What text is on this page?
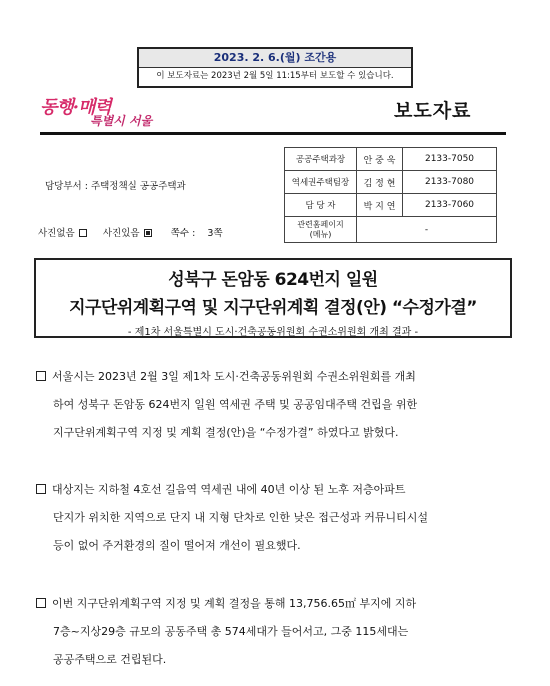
2023. 2. 6.(월) 조간용
이 보도자료는 2023년 2월 5일 11:15부터 보도할 수 있습니다.
동행·매력
특별시 서울	보도자료
담당부서 : 주택정책실 공공주택과
사진없음	사진있음	쪽수 : 3쪽
공공주택과장	안 중 욱	2133-7050
역세권주택팀장	김 정 현	2133-7080
담 당 자	박 지 연	2133-7060

관련홈페이지
(메뉴)	-	
성북구 돈암동 624번지 일원
지구단위계획구역 및 지구단위계획 결정(안) “수정가결”
- 제1차 서울특별시 도시·건축공동위원회 수권소위원회 개최 결과 -
서울시는 2023년 2월 3일 제1차 도시·건축공동위원회 수권소위원회를 개최
하여 성북구 돈암동 624번지 일원 역세권 주택 및 공공임대주택 건립을 위한
지구단위계획구역 지정 및 계획 결정(안)을 “수정가결” 하였다고 밝혔다.
대상지는 지하철 4호선 길음역 역세권 내에 40년 이상 된 노후 저층아파트
단지가 위치한 지역으로 단지 내 지형 단차로 인한 낮은 접근성과 커뮤니티시설
등이 없어 주거환경의 질이 떨어져 개선이 필요했다.
이번 지구단위계획구역 지정 및 계획 결정을 통해 13,756.65㎡ 부지에 지하
7층~지상29층 규모의 공동주택 총 574세대가 들어서고, 그중 115세대는
공공주택으로 건립된다.
